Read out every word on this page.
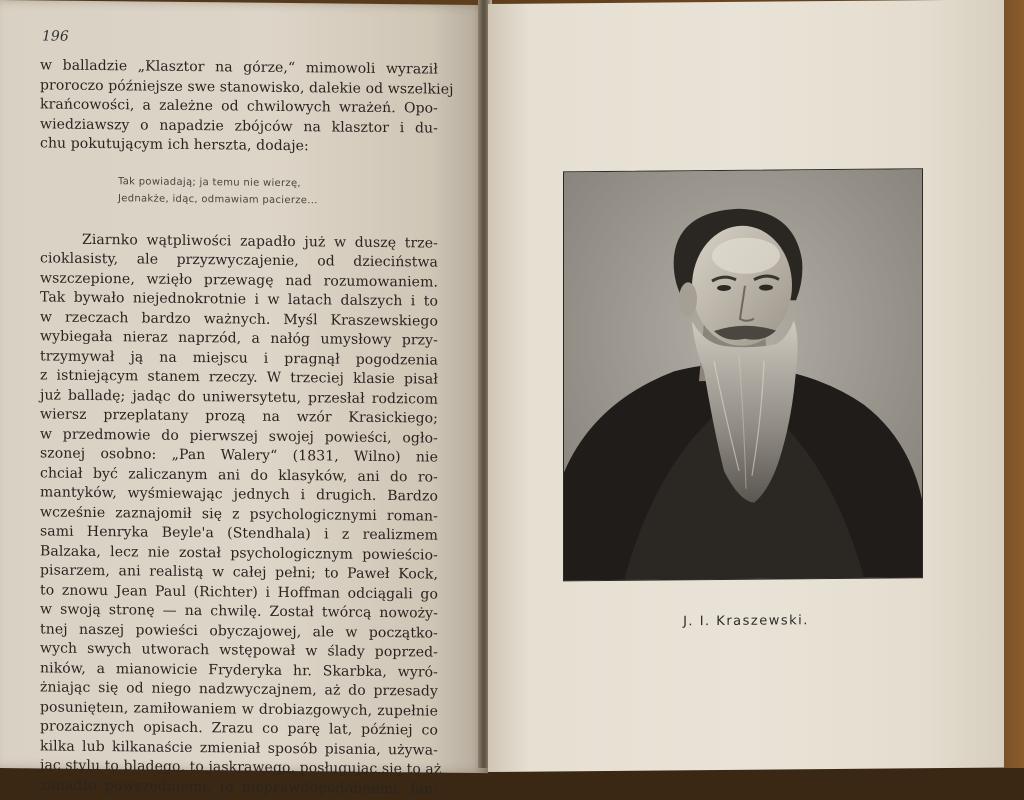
196
w balladzie „Klasztor na górze,“ mimowoli wyraził
proroczo późniejsze swe stanowisko, dalekie od wszelkiej
krańcowości, a zależne od chwilowych wrażeń. Opo-
wiedziawszy o napadzie zbójców na klasztor i du-
chu pokutującym ich herszta, dodaje:
Tak powiadają; ja temu nie wierzę,
Jednakże, idąc, odmawiam pacierze...
Ziarnko wątpliwości zapadło już w duszę trze-
cioklasisty, ale przyzwyczajenie, od dzieciństwa
wszczepione, wzięło przewagę nad rozumowaniem.
Tak bywało niejednokrotnie i w latach dalszych i to
w rzeczach bardzo ważnych. Myśl Kraszewskiego
wybiegała nieraz naprzód, a nałóg umysłowy przy-
trzymywał ją na miejscu i pragnął pogodzenia
z istniejącym stanem rzeczy. W trzeciej klasie pisał
już balladę; jadąc do uniwersytetu, przesłał rodzicom
wiersz przeplatany prozą na wzór Krasickiego;
w przedmowie do pierwszej swojej powieści, ogło-
szonej osobno: „Pan Walery“ (1831, Wilno) nie
chciał być zaliczanym ani do klasyków, ani do ro-
mantyków, wyśmiewając jednych i drugich. Bardzo
wcześnie zaznajomił się z psychologicznymi roman-
sami Henryka Beyle'a (Stendhala) i z realizmem
Balzaka, lecz nie został psychologicznym powieścio-
pisarzem, ani realistą w całej pełni; to Paweł Kock,
to znowu Jean Paul (Richter) i Hoffman odciągali go
w swoją stronę — na chwilę. Został twórcą nowoży-
tnej naszej powieści obyczajowej, ale w początko-
wych swych utworach wstępował w ślady poprzed-
ników, a mianowicie Fryderyka hr. Skarbka, wyró-
żniając się od niego nadzwyczajnem, aż do przesady
posunięteın, zamiłowaniem w drobiazgowych, zupełnie
prozaicznych opisach. Zrazu co parę lat, później co
kilka lub kilkanaście zmieniał sposób pisania, używa-
jąc stylu to bladego, to jaskrawego, posługując się to aż
zanadto powszedniemi, to nieprawdopodobnemi, fan-
J. I. Kraszewski.
